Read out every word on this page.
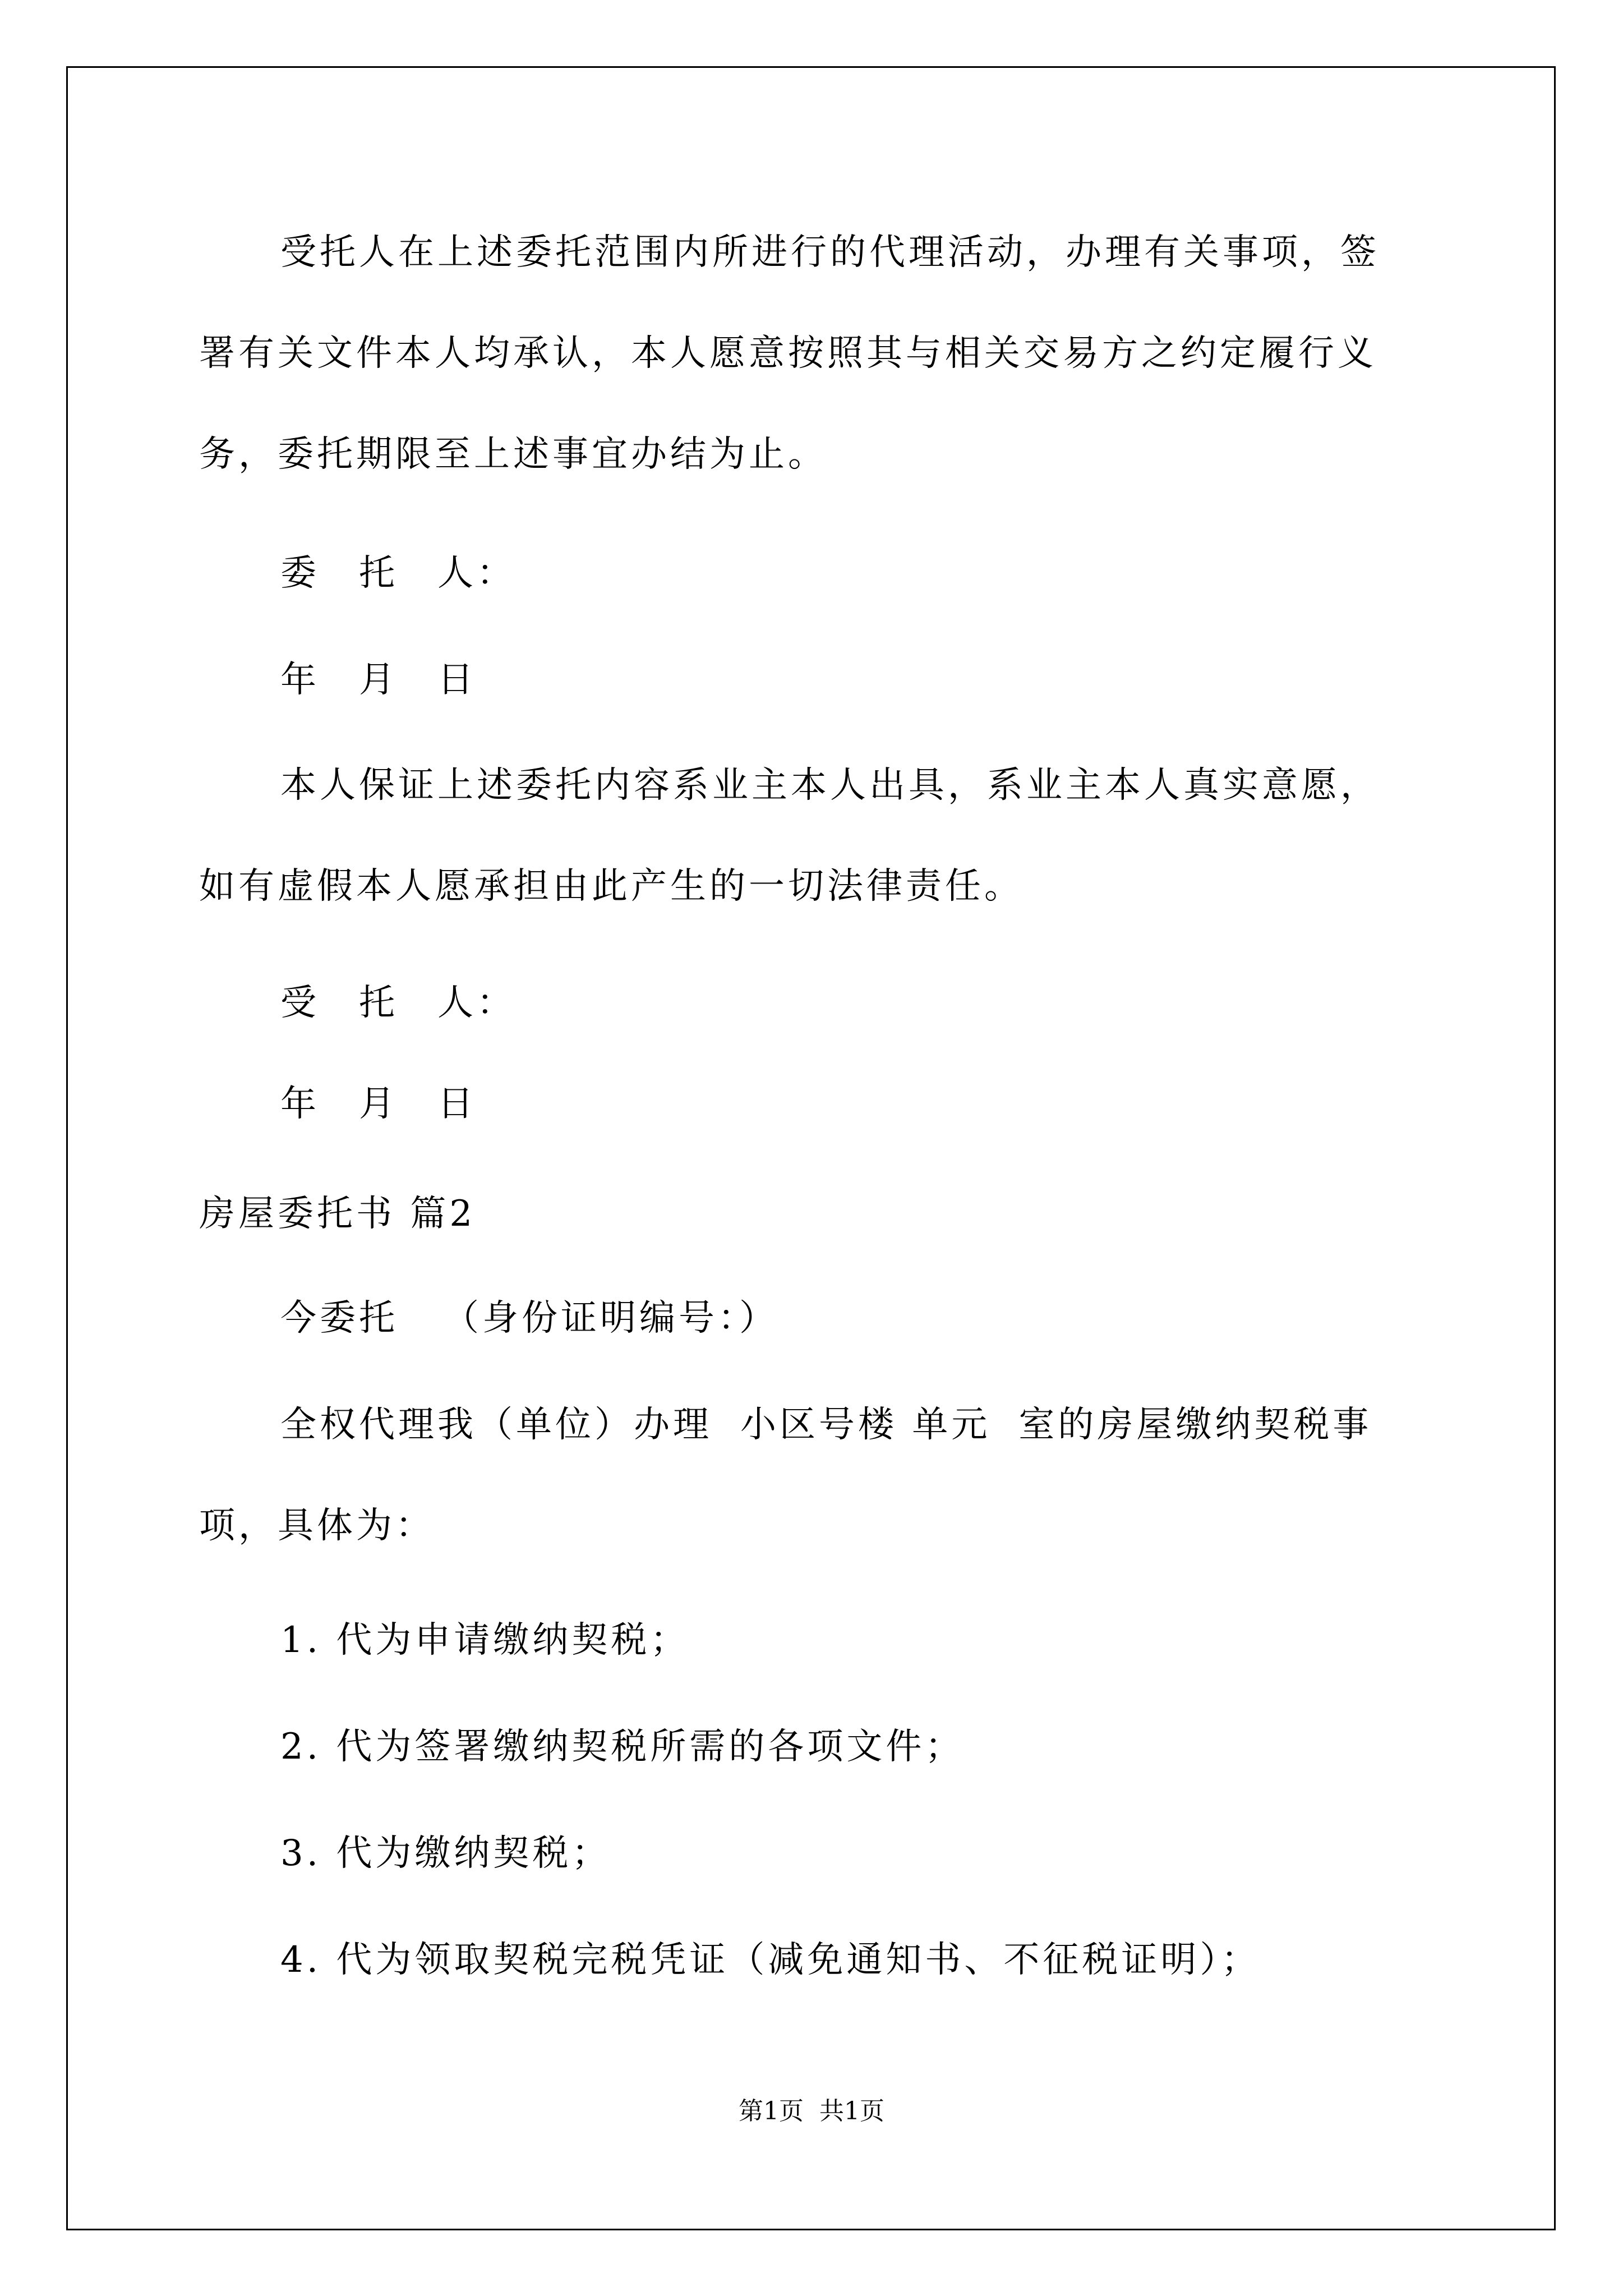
受托人在上述委托范围内所进行的代理活动，办理有关事项，签
署有关文件本人均承认，本人愿意按照其与相关交易方之约定履行义
务，委托期限至上述事宜办结为止。
委 托 人：
年 月 日
本人保证上述委托内容系业主本人出具，系业主本人真实意愿，
如有虚假本人愿承担由此产生的一切法律责任。
受 托 人：
年 月 日
房屋委托书 篇2
今委托 （身份证明编号：）
全权代理我（单位）办理 小区号楼 单元 室的房屋缴纳契税事
项，具体为：
1. 代为申请缴纳契税；
2. 代为签署缴纳契税所需的各项文件；
3. 代为缴纳契税；
4. 代为领取契税完税凭证（减免通知书、不征税证明）；
第1页 共1页
